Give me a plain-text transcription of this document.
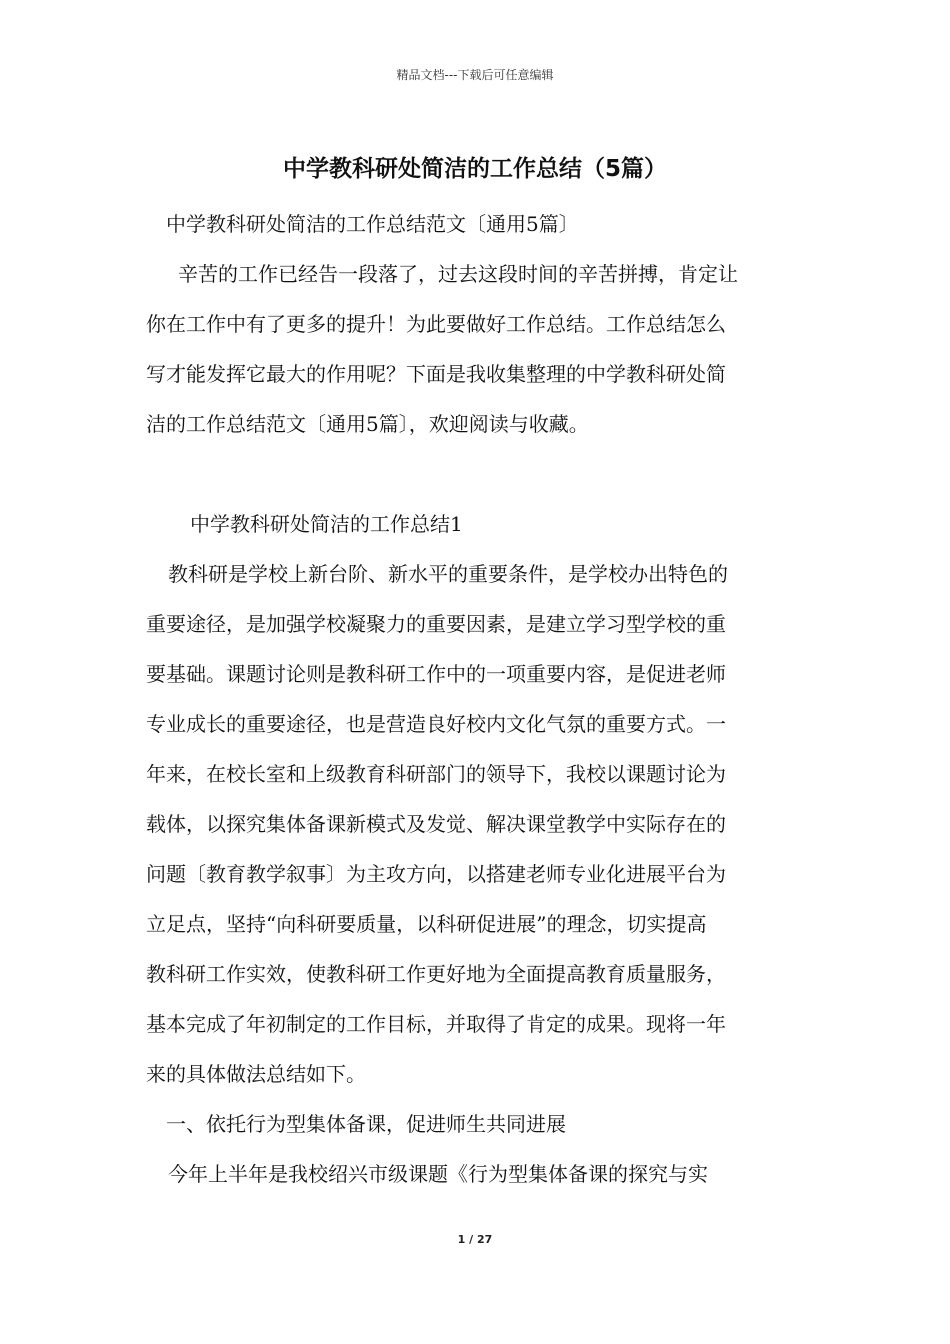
精品文档---下载后可任意编辑
中学教科研处简洁的工作总结（5篇）
中学教科研处简洁的工作总结范文〔通用5篇〕
辛苦的工作已经告一段落了，过去这段时间的辛苦拼搏，肯定让
你在工作中有了更多的提升！为此要做好工作总结。工作总结怎么
写才能发挥它最大的作用呢？下面是我收集整理的中学教科研处简
洁的工作总结范文〔通用5篇〕，欢迎阅读与收藏。
中学教科研处简洁的工作总结1
教科研是学校上新台阶、新水平的重要条件，是学校办出特色的
重要途径，是加强学校凝聚力的重要因素，是建立学习型学校的重
要基础。课题讨论则是教科研工作中的一项重要内容，是促进老师
专业成长的重要途径，也是营造良好校内文化气氛的重要方式。一
年来，在校长室和上级教育科研部门的领导下，我校以课题讨论为
载体，以探究集体备课新模式及发觉、解决课堂教学中实际存在的
问题〔教育教学叙事〕为主攻方向，以搭建老师专业化进展平台为
立足点，坚持“向科研要质量，以科研促进展”的理念，切实提高
教科研工作实效，使教科研工作更好地为全面提高教育质量服务，
基本完成了年初制定的工作目标，并取得了肯定的成果。现将一年
来的具体做法总结如下。
一、依托行为型集体备课，促进师生共同进展
今年上半年是我校绍兴市级课题《行为型集体备课的探究与实
1 / 27
